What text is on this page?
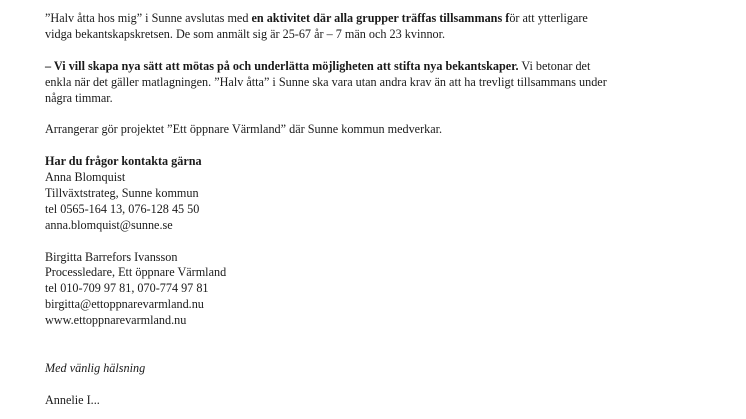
”Halv åtta hos mig” i Sunne avslutas med en aktivitet där alla grupper träffas tillsammans för att ytterligare vidga bekantskapskretsen. De som anmält sig är 25-67 år – 7 män och 23 kvinnor.

– Vi vill skapa nya sätt att mötas på och underlätta möjligheten att stifta nya bekantskaper. Vi betonar det enkla när det gäller matlagningen. ”Halv åtta” i Sunne ska vara utan andra krav än att ha trevligt tillsammans under några timmar.

Arrangerar gör projektet ”Ett öppnare Värmland” där Sunne kommun medverkar.

Har du frågor kontakta gärna

Anna Blomquist

Tillväxtstrateg, Sunne kommun

tel 0565-164 13, 076-128 45 50

anna.blomquist@sunne.se

Birgitta Barrefors Ivansson

Processledare, Ett öppnare Värmland

tel 010-709 97 81, 070-774 97 81

birgitta@ettoppnarevarmland.nu

www.ettoppnarevarmland.nu

Med vänlig hälsning

Annelie I...
